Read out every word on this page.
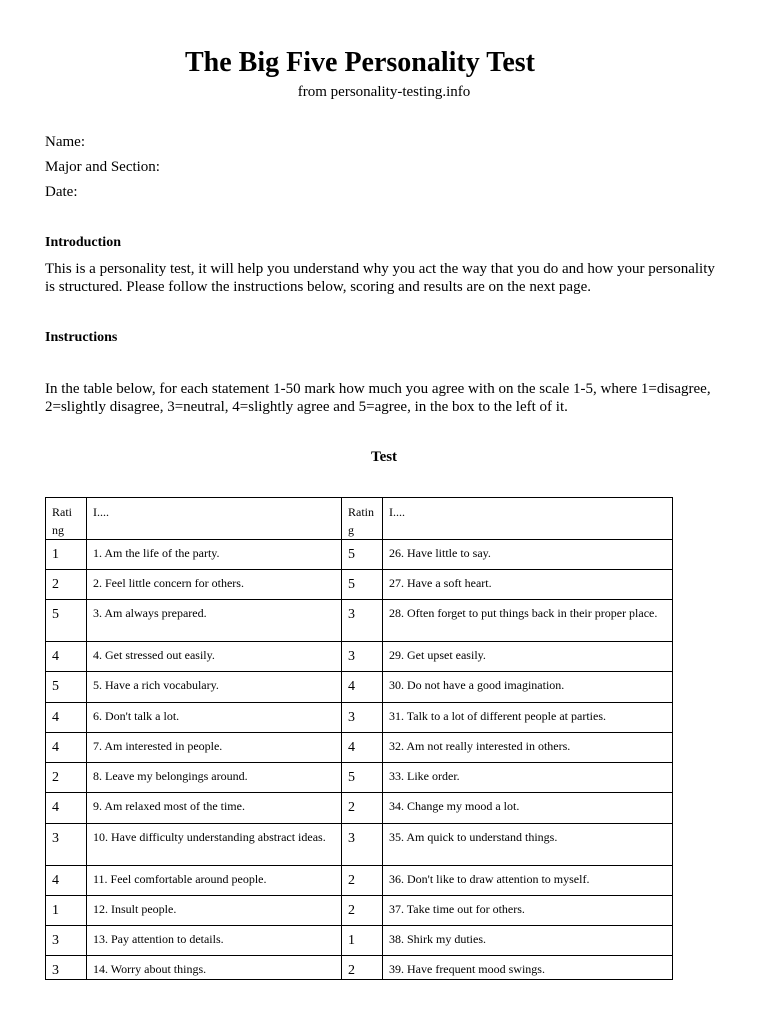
The Big Five Personality Test
from personality-testing.info
Name:
Major and Section:
Date:
Introduction
This is a personality test, it will help you understand why you act the way that you do and how your personality is structured. Please follow the instructions below, scoring and results are on the next page.
Instructions
In the table below, for each statement 1-50 mark how much you agree with on the scale 1-5, where 1=disagree, 2=slightly disagree, 3=neutral, 4=slightly agree and 5=agree, in the box to the left of it.
Test
Rati ng	I....	Ratin g	I....
1	1. Am the life of the party.	5	26. Have little to say.
2	2. Feel little concern for others.	5	27. Have a soft heart.
5	3. Am always prepared.	3	28. Often forget to put things back in their proper place.
4	4. Get stressed out easily.	3	29. Get upset easily.
5	5. Have a rich vocabulary.	4	30. Do not have a good imagination.
4	6. Don't talk a lot.	3	31. Talk to a lot of different people at parties.
4	7. Am interested in people.	4	32. Am not really interested in others.
2	8. Leave my belongings around.	5	33. Like order.
4	9. Am relaxed most of the time.	2	34. Change my mood a lot.
3	10. Have difficulty understanding abstract ideas.	3	35. Am quick to understand things.
4	11. Feel comfortable around people.	2	36. Don't like to draw attention to myself.
1	12. Insult people.	2	37. Take time out for others.
3	13. Pay attention to details.	1	38. Shirk my duties.
3	14. Worry about things.	2	39. Have frequent mood swings.
